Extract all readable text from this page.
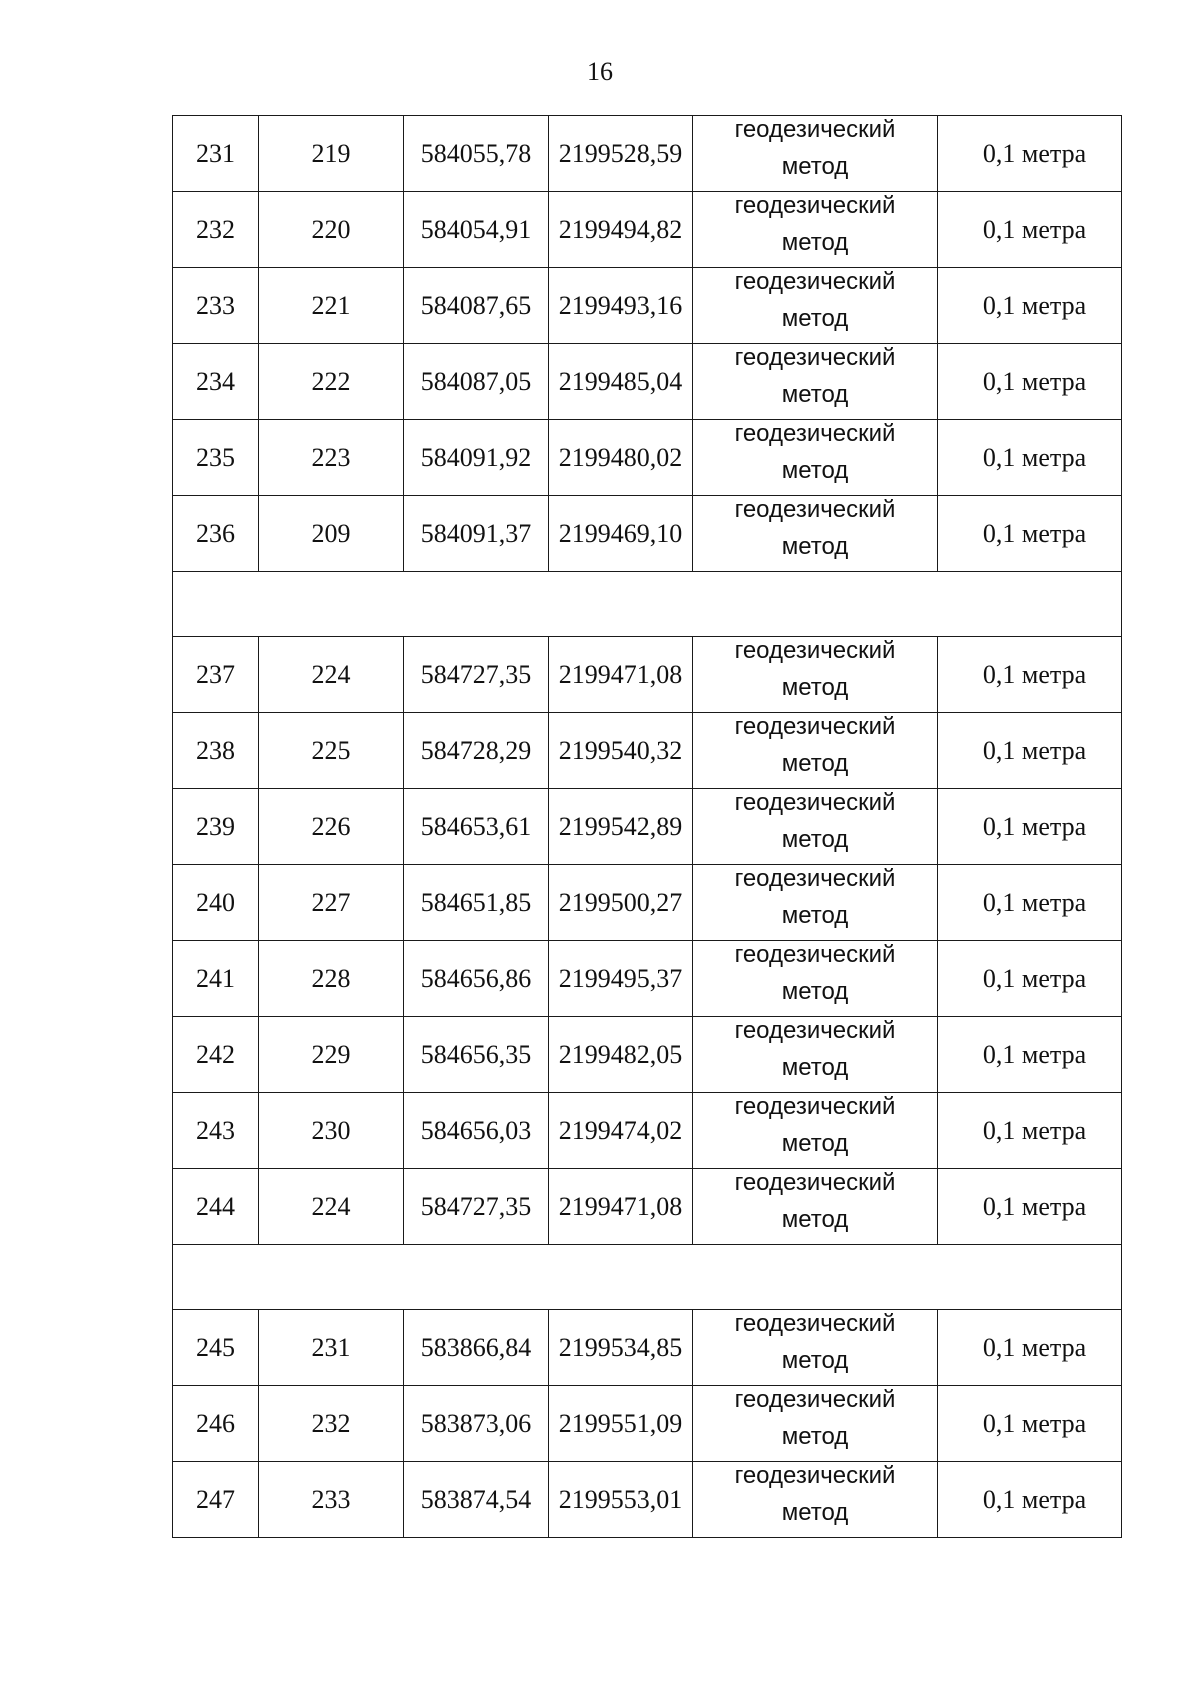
16
231	219	584055,78	2199528,59	геодезический
метод	0,1 метра
232	220	584054,91	2199494,82	геодезический
метод	0,1 метра
233	221	584087,65	2199493,16	геодезический
метод	0,1 метра
234	222	584087,05	2199485,04	геодезический
метод	0,1 метра
235	223	584091,92	2199480,02	геодезический
метод	0,1 метра
236	209	584091,37	2199469,10	геодезический
метод	0,1 метра

237	224	584727,35	2199471,08	геодезический
метод	0,1 метра
238	225	584728,29	2199540,32	геодезический
метод	0,1 метра
239	226	584653,61	2199542,89	геодезический
метод	0,1 метра
240	227	584651,85	2199500,27	геодезический
метод	0,1 метра
241	228	584656,86	2199495,37	геодезический
метод	0,1 метра
242	229	584656,35	2199482,05	геодезический
метод	0,1 метра
243	230	584656,03	2199474,02	геодезический
метод	0,1 метра
244	224	584727,35	2199471,08	геодезический
метод	0,1 метра

245	231	583866,84	2199534,85	геодезический
метод	0,1 метра
246	232	583873,06	2199551,09	геодезический
метод	0,1 метра
247	233	583874,54	2199553,01	геодезический
метод	0,1 метра
